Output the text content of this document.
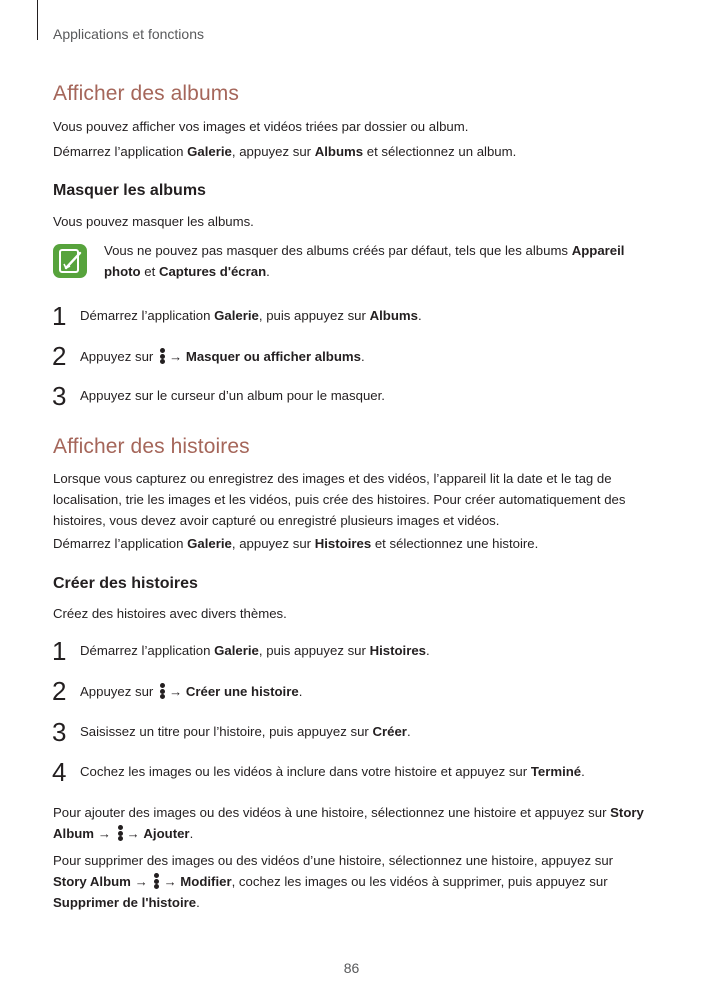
Applications et fonctions
Afficher des albums
Vous pouvez afficher vos images et vidéos triées par dossier ou album.
Démarrez l’application Galerie, appuyez sur Albums et sélectionnez un album.
Masquer les albums
Vous pouvez masquer les albums.
Vous ne pouvez pas masquer des albums créés par défaut, tels que les albums Appareil
photo et Captures d'écran.
1 Démarrez l’application Galerie, puis appuyez sur Albums.
2 Appuyez sur
→ Masquer ou afficher albums.
3 Appuyez sur le curseur d’un album pour le masquer.
Afficher des histoires
Lorsque vous capturez ou enregistrez des images et des vidéos, l’appareil lit la date et le tag de
localisation, trie les images et les vidéos, puis crée des histoires. Pour créer automatiquement des
histoires, vous devez avoir capturé ou enregistré plusieurs images et vidéos.
Démarrez l’application Galerie, appuyez sur Histoires et sélectionnez une histoire.
Créer des histoires
Créez des histoires avec divers thèmes.
1 Démarrez l’application Galerie, puis appuyez sur Histoires.
2 Appuyez sur
→ Créer une histoire.
3 Saisissez un titre pour l’histoire, puis appuyez sur Créer.
4 Cochez les images ou les vidéos à inclure dans votre histoire et appuyez sur Terminé.
Pour ajouter des images ou des vidéos à une histoire, sélectionnez une histoire et appuyez sur Story
Album →
→ Ajouter.
Pour supprimer des images ou des vidéos d’une histoire, sélectionnez une histoire, appuyez sur
Story Album →
→ Modifier, cochez les images ou les vidéos à supprimer, puis appuyez sur
Supprimer de l'histoire.
86
